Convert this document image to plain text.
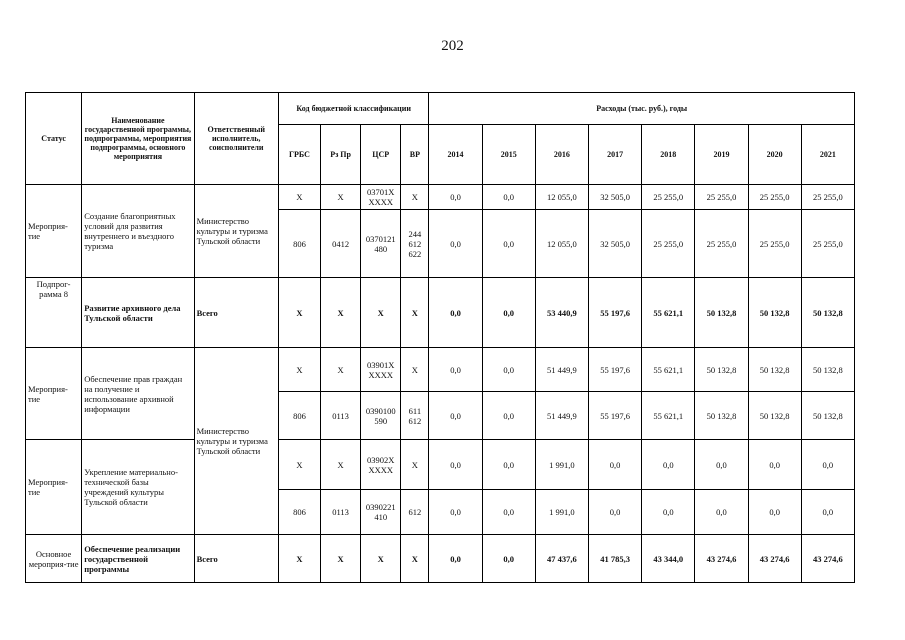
202
Статус	Наименование государственной программы, подпрограммы, мероприятия подпрограммы, основного мероприятия	Ответственный исполнитель, соисполнители	Код бюджетной классификации				Расходы (тыс. руб.), годы							
			ГРБС	Рз Пр	ЦСР	ВР	2014	2015	2016	2017	2018	2019	2020	2021
Мероприя-тие	Создание благоприятных условий для развития внутреннего и въездного туризма	Министерство культуры и туризма Тульской области	X	X	03701X XXXX	X	0,0	0,0	12 055,0	32 505,0	25 255,0	25 255,0	25 255,0	25 255,0
			806	0412	0370121 480	244 612 622	0,0	0,0	12 055,0	32 505,0	25 255,0	25 255,0	25 255,0	25 255,0
Подпрог-рамма 8	Развитие архивного дела Тульской области	Всего	X	X	X	X	0,0	0,0	53 440,9	55 197,6	55 621,1	50 132,8	50 132,8	50 132,8
Мероприя-тие	Обеспечение прав граждан на получение и использование архивной информации	Министерство культуры и туризма Тульской области	X	X	03901X XXXX	X	0,0	0,0	51 449,9	55 197,6	55 621,1	50 132,8	50 132,8	50 132,8
			806	0113	0390100 590	611 612	0,0	0,0	51 449,9	55 197,6	55 621,1	50 132,8	50 132,8	50 132,8
Мероприя-тие	Укрепление материально-технической базы учреждений культуры Тульской области		X	X	03902X XXXX	X	0,0	0,0	1 991,0	0,0	0,0	0,0	0,0	0,0
			806	0113	0390221 410	612	0,0	0,0	1 991,0	0,0	0,0	0,0	0,0	0,0
Основное мероприя-тие	Обеспечение реализации государственной программы	Всего	X	X	X	X	0,0	0,0	47 437,6	41 785,3	43 344,0	43 274,6	43 274,6	43 274,6
